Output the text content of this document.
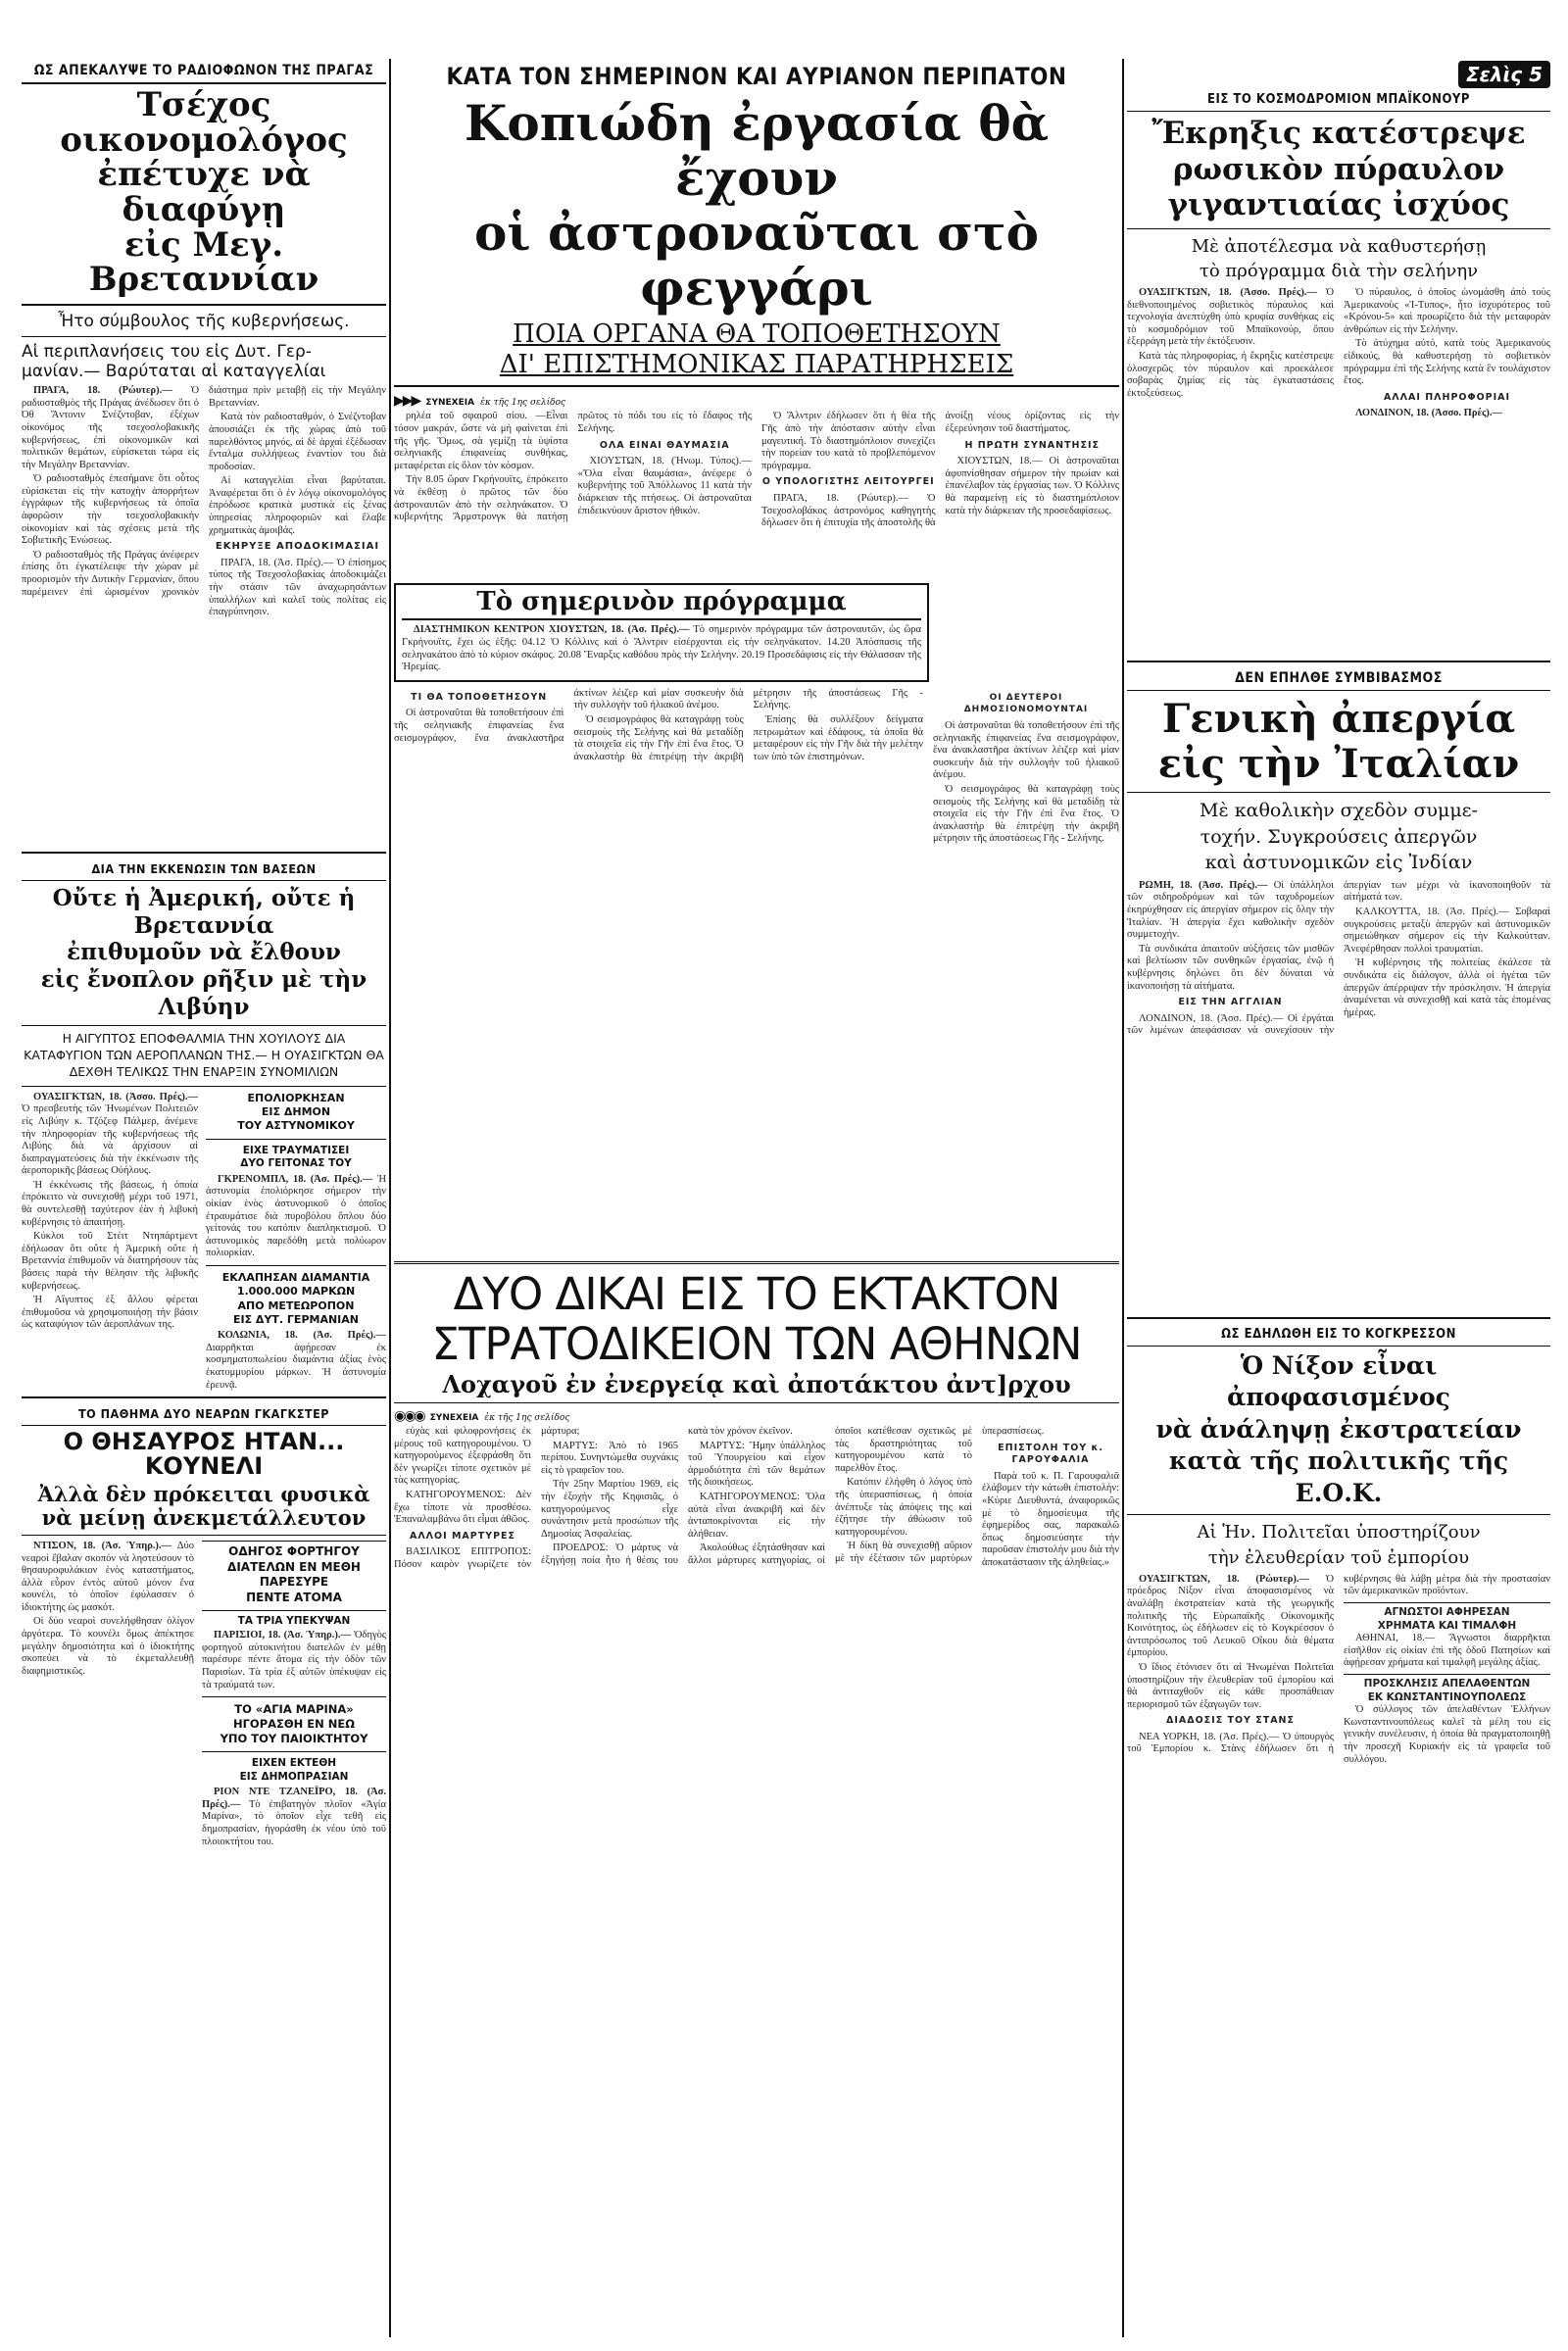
ΩΣ ΑΠΕΚΑΛΥΨΕ ΤΟ ΡΑΔΙΟΦΩΝΟΝ ΤΗΣ ΠΡΑΓΑΣ
Τσέχος οικονομολόγος
ἐπέτυχε νὰ διαφύγῃ
εἰς Μεγ. Βρεταννίαν
Ἦτο σύμβουλος τῆς κυβερνήσεως.
Αἱ περιπλανήσεις του εἰς Δυτ. Γερ-
μανίαν.— Βαρύταται αἱ καταγγελίαι

ΠΡΑΓΑ, 18. (Ρώυτερ).— Ὁ ραδιοσταθμὸς τῆς Πράγας ἀνέδωσεν ὅτι ὁ Όθ Ἄντονιν Σνέζντοβαν, ἐξέχων οἰκονόμος τῆς τσεχοσλοβακικῆς κυβερνήσεως, ἐπὶ οἰκονομικῶν καὶ πολιτικῶν θεμάτων, εὑρίσκεται τώρα εἰς τὴν Μεγάλην Βρεταννίαν.

Ὁ ραδιοσταθμὸς ἐπεσήμανε ὅτι οὗτος εὑρίσκεται εἰς τὴν κατοχὴν ἀπορρήτων ἐγγράφων τῆς κυβερνήσεως τὰ ὁποῖα ἀφορῶσιν τὴν τσεχοσλοβακικὴν οἰκονομίαν καὶ τὰς σχέσεις μετὰ τῆς Σοβιετικῆς Ἑνώσεως.

Ὁ ραδιοσταθμὸς τῆς Πράγας ἀνέφερεν ἐπίσης ὅτι ἐγκατέλειψε τὴν χώραν μὲ προορισμὸν τὴν Δυτικὴν Γερμανίαν, ὅπου παρέμεινεν ἐπὶ ὡρισμένον χρονικὸν διάστημα πρὶν μεταβῇ εἰς τὴν Μεγάλην Βρεταννίαν.

Κατὰ τὸν ραδιοσταθμόν, ὁ Σνέζντοβαν ἀπουσιάζει ἐκ τῆς χώρας ἀπὸ τοῦ παρελθόντος μηνός, αἱ δὲ ἀρχαὶ ἐξέδωσαν ἔνταλμα συλλήψεως ἐναντίον του διὰ προδοσίαν.

Αἱ καταγγελίαι εἶναι βαρύταται. Ἀναφέρεται ὅτι ὁ ἐν λόγῳ οἰκονομολόγος ἐπρόδωσε κρατικὰ μυστικὰ εἰς ξένας ὑπηρεσίας πληροφοριῶν καὶ ἔλαβε χρηματικὰς ἀμοιβάς.

ΕΚΗΡΥΞΕ ΑΠΟΔΟΚΙΜΑΣΙΑΙ

ΠΡΑΓΑ, 18. (Ἀσ. Πρές).— Ὁ ἐπίσημος τύπος τῆς Τσεχοσλοβακίας ἀποδοκιμάζει τὴν στάσιν τῶν ἀναχωρησάντων ὑπαλλήλων καὶ καλεῖ τοὺς πολίτας εἰς ἐπαγρύπνησιν.

ΔΙΑ ΤΗΝ ΕΚΚΕΝΩΣΙΝ ΤΩΝ ΒΑΣΕΩΝ
Οὔτε ἡ Ἀμερική, οὔτε ἡ Βρεταννία
ἐπιθυμοῦν νὰ ἔλθουν
εἰς ἔνοπλον ρῆξιν μὲ τὴν Λιβύην
Η ΑΙΓΥΠΤΟΣ ΕΠΟΦΘΑΛΜΙΑ ΤΗΝ ΧΟΥΙΛΟΥΣ ΔΙΑ ΚΑΤΑΦΥΓΙΟΝ ΤΩΝ ΑΕΡΟΠΛΑΝΩΝ ΤΗΣ.— Η ΟΥΑΣΙΓΚΤΩΝ ΘΑ ΔΕΧΘΗ ΤΕΛΙΚΩΣ ΤΗΝ ΕΝΑΡΞΙΝ ΣΥΝΟΜΙΛΙΩΝ

ΟΥΑΣΙΓΚΤΩΝ, 18. (Ἀσσο. Πρές).— Ὁ πρεσβευτὴς τῶν Ἡνωμένων Πολιτειῶν εἰς Λιβύην κ. Τζόζεφ Πάλμερ, ἀνέμενε τὴν πληροφορίαν τῆς κυβερνήσεως τῆς Λιβύης διὰ νὰ ἀρχίσουν αἱ διαπραγματεύσεις διὰ τὴν ἐκκένωσιν τῆς ἀεροπορικῆς βάσεως Οὐήλους.

Ἡ ἐκκένωσις τῆς βάσεως, ἡ ὁποία ἐπρόκειτο νὰ συνεχισθῇ μέχρι τοῦ 1971, θὰ συντελεσθῇ ταχύτερον ἐὰν ἡ λιβυκὴ κυβέρνησις τὸ ἀπαιτήσῃ.

Κύκλοι τοῦ Στέιτ Ντηπάρτμεντ ἐδήλωσαν ὅτι οὔτε ἡ Ἀμερικὴ οὔτε ἡ Βρεταννία ἐπιθυμοῦν νὰ διατηρήσουν τὰς βάσεις παρὰ τὴν θέλησιν τῆς λιβυκῆς κυβερνήσεως.

Ἡ Αἴγυπτος ἐξ ἄλλου φέρεται ἐπιθυμοῦσα νὰ χρησιμοποιήσῃ τὴν βάσιν ὡς καταφύγιον τῶν ἀεροπλάνων της.

ΕΠΟΛΙΟΡΚΗΣΑΝ
ΕΙΣ ΔΗΜΟΝ
ΤΟΥ ΑΣΤΥΝΟΜΙΚΟΥ
ΕΙΧΕ ΤΡΑΥΜΑΤΙΣΕΙ
ΔΥΟ ΓΕΙΤΟΝΑΣ ΤΟΥ

ΓΚΡΕΝΟΜΠΛ, 18. (Ἀσ. Πρές).— Ἡ ἀστυνομία ἐπολιόρκησε σήμερον τὴν οἰκίαν ἑνὸς ἀστυνομικοῦ ὁ ὁποῖος ἐτραυμάτισε διὰ πυροβόλου ὅπλου δύο γείτονάς του κατόπιν διαπληκτισμοῦ. Ὁ ἀστυνομικὸς παρεδόθη μετὰ πολύωρον πολιορκίαν.

ΕΚΛΑΠΗΣΑΝ ΔΙΑΜΑΝΤΙΑ
1.000.000 ΜΑΡΚΩΝ
ΑΠΟ ΜΕΤΕΩΡΟΠΟΝ
ΕΙΣ ΔΥΤ. ΓΕΡΜΑΝΙΑΝ

ΚΟΛΩΝΙΑ, 18. (Ἀσ. Πρές).— Διαρρῆκται ἀφῄρεσαν ἐκ κοσμηματοπωλείου διαμάντια ἀξίας ἑνὸς ἑκατομμυρίου μάρκων. Ἡ ἀστυνομία ἐρευνᾷ.

ΤΟ ΠΑΘΗΜΑ ΔΥΟ ΝΕΑΡΩΝ ΓΚΑΓΚΣΤΕΡ
Ο ΘΗΣΑΥΡΟΣ ΗΤΑΝ... ΚΟΥΝΕΛΙ
Ἀλλὰ δὲν πρόκειται φυσικὰ
νὰ μείνῃ ἀνεκμετάλλευτον

ΝΤΙΣΟΝ, 18. (Ἀσ. Ὑπηρ.).— Δύο νεαροὶ ἔβαλαν σκοπόν νὰ ληστεύσουν τὸ θησαυροφυλάκιον ἑνὸς καταστήματος, ἀλλὰ εὗρον ἐντὸς αὐτοῦ μόνον ἕνα κουνέλι, τὸ ὁποῖον ἐφύλασσεν ὁ ἰδιοκτήτης ὡς μασκότ.

Οἱ δύο νεαροὶ συνελήφθησαν ὀλίγον ἀργότερα. Τὸ κουνέλι ὅμως ἀπέκτησε μεγάλην δημοσιότητα καὶ ὁ ἰδιοκτήτης σκοπεύει νὰ τὸ ἐκμεταλλευθῇ διαφημιστικῶς.

ΟΔΗΓΟΣ ΦΟΡΤΗΓΟΥ
ΔΙΑΤΕΛΩΝ ΕΝ ΜΕΘΗ
ΠΑΡΕΣΥΡΕ
ΠΕΝΤΕ ΑΤΟΜΑ
ΤΑ ΤΡΙΑ ΥΠΕΚΥΨΑΝ

ΠΑΡΙΣΙΟΙ, 18. (Ἀσ. Ὑπηρ.).— Ὁδηγὸς φορτηγοῦ αὐτοκινήτου διατελῶν ἐν μέθῃ παρέσυρε πέντε ἄτομα εἰς τὴν ὁδὸν τῶν Παρισίων. Τὰ τρία ἐξ αὐτῶν ὑπέκυψαν εἰς τὰ τραύματά των.

ΤΟ «ΑΓΙΑ ΜΑΡΙΝΑ»
ΗΓΟΡΑΣΘΗ ΕΝ ΝΕΩ
ΥΠΟ ΤΟΥ ΠΑΙΟΙΚΤΗΤΟΥ
ΕΙΧΕΝ ΕΚΤΕΘΗ
ΕΙΣ ΔΗΜΟΠΡΑΣΙΑΝ

ΡΙΟΝ ΝΤΕ ΤΖΑΝΕΪΡΟ, 18. (Ἀσ. Πρές).— Τὸ ἐπιβατηγὸν πλοῖον «Ἁγία Μαρίνα», τὸ ὁποῖον εἶχε τεθῆ εἰς δημοπρασίαν, ἠγοράσθη ἐκ νέου ὑπὸ τοῦ πλοιοκτήτου του.

ΚΑΤΑ ΤΟΝ ΣΗΜΕΡΙΝΟΝ ΚΑΙ ΑΥΡΙΑΝΟΝ ΠΕΡΙΠΑΤΟΝ
Κοπιώδη ἐργασία θὰ ἔχουν
οἱ ἀστροναῦται στὸ φεγγάρι
ΠΟΙΑ ΟΡΓΑΝΑ ΘΑ ΤΟΠΟΘΕΤΗΣΟΥΝ
ΔΙ' ΕΠΙΣΤΗΜΟΝΙΚΑΣ ΠΑΡΑΤΗΡΗΣΕΙΣ
▶▶▶ ΣΥΝΕΧΕΙΑ ἐκ τῆς 1ης σελίδος

ρηλέα τοῦ σφαιροῦ σίου. —Εἶναι τόσον μακράν, ὥστε νὰ μὴ φαίνεται ἐπὶ τῆς γῆς. Ὅμως, σὰ γεμίζῃ τὰ ὑψίστα σεληνιακῆς ἐπιφανείας συνθήκας, μεταφέρεται εἰς ὅλον τὸν κόσμον.

Τὴν 8.05 ὥραν Γκρήνουϊτς, ἐπρόκειτο νὰ ἐκθέσῃ ὁ πρῶτος τῶν δύο ἀστροναυτῶν ἀπὸ τὴν σεληνάκατον. Ὁ κυβερνήτης Ἄρμστρονγκ θὰ πατήσῃ πρῶτος τὸ πόδι του εἰς τὸ ἔδαφος τῆς Σελήνης.

ΟΛΑ ΕΙΝΑΙ ΘΑΥΜΑΣΙΑ

ΧΙΟΥΣΤΩΝ, 18. (Ἡνωμ. Τύπος).— «Ὅλα εἶναι θαυμάσια», ἀνέφερε ὁ κυβερνήτης τοῦ Ἀπόλλωνος 11 κατὰ τὴν διάρκειαν τῆς πτήσεως. Οἱ ἀστροναῦται ἐπιδεικνύουν ἄριστον ἠθικόν.

Ὁ Ἄλντριν ἐδήλωσεν ὅτι ἡ θέα τῆς Γῆς ἀπὸ τὴν ἀπόστασιν αὐτὴν εἶναι μαγευτική. Τὸ διαστημόπλοιον συνεχίζει τὴν πορείαν του κατὰ τὸ προβλεπόμενον πρόγραμμα.

Ο ΥΠΟΛΟΓΙΣΤΗΣ ΛΕΙΤΟΥΡΓΕΙ

ΠΡΑΓΑ, 18. (Ρώυτερ).— Ὁ Τσεχοσλοβάκος ἀστρονόμος καθηγητὴς δήλωσεν ὅτι ἡ ἐπιτυχία τῆς ἀποστολῆς θὰ ἀνοίξῃ νέους ὁρίζοντας εἰς τὴν ἐξερεύνησιν τοῦ διαστήματος.

Η ΠΡΩΤΗ ΣΥΝΑΝΤΗΣΙΣ

ΧΙΟΥΣΤΩΝ, 18.— Οἱ ἀστροναῦται ἀφυπνίσθησαν σήμερον τὴν πρωίαν καὶ ἐπανέλαβον τὰς ἐργασίας των. Ὁ Κόλλινς θὰ παραμείνῃ εἰς τὸ διαστημόπλοιον κατὰ τὴν διάρκειαν τῆς προσεδαφίσεως.

Τὸ σημερινὸν πρόγραμμα

ΔΙΑΣΤΗΜΙΚΟΝ ΚΕΝΤΡΟΝ ΧΙΟΥΣΤΩΝ, 18. (Ἀσ. Πρές).— Τὸ σημερινὸν πρόγραμμα τῶν ἀστροναυτῶν, ὡς ὥρα Γκρήνουϊτς, ἔχει ὡς ἑξῆς: 04.12 Ὁ Κόλλινς καὶ ὁ Ἄλντριν εἰσέρχονται εἰς τὴν σεληνάκατον. 14.20 Ἀπόσπασις τῆς σεληνακάτου ἀπὸ τὸ κύριον σκάφος. 20.08 Ἔναρξις καθόδου πρὸς τὴν Σελήνην. 20.19 Προσεδάφισις εἰς τὴν Θάλασσαν τῆς Ἠρεμίας.

ΤΙ ΘΑ ΤΟΠΟΘΕΤΗΣΟΥΝ

Οἱ ἀστροναῦται θὰ τοποθετήσουν ἐπὶ τῆς σεληνιακῆς ἐπιφανείας ἕνα σεισμογράφον, ἕνα ἀνακλαστῆρα ἀκτίνων λέιζερ καὶ μίαν συσκευὴν διὰ τὴν συλλογὴν τοῦ ἡλιακοῦ ἀνέμου.

Ὁ σεισμογράφος θὰ καταγράφῃ τοὺς σεισμοὺς τῆς Σελήνης καὶ θὰ μεταδίδῃ τὰ στοιχεῖα εἰς τὴν Γῆν ἐπὶ ἕνα ἔτος. Ὁ ἀνακλαστὴρ θὰ ἐπιτρέψῃ τὴν ἀκριβῆ μέτρησιν τῆς ἀποστάσεως Γῆς - Σελήνης.

Ἐπίσης θὰ συλλέξουν δείγματα πετρωμάτων καὶ ἐδάφους, τὰ ὁποῖα θὰ μεταφέρουν εἰς τὴν Γῆν διὰ τὴν μελέτην των ὑπὸ τῶν ἐπιστημόνων.

ΟΙ ΔΕΥΤΕΡΟΙ ΔΗΜΟΣΙΟΝΟΜΟΥΝΤΑΙ

Οἱ ἀστροναῦται θὰ τοποθετήσουν ἐπὶ τῆς σεληνιακῆς ἐπιφανείας ἕνα σεισμογράφον, ἕνα ἀνακλαστῆρα ἀκτίνων λέιζερ καὶ μίαν συσκευὴν διὰ τὴν συλλογὴν τοῦ ἡλιακοῦ ἀνέμου.

Ὁ σεισμογράφος θὰ καταγράφῃ τοὺς σεισμοὺς τῆς Σελήνης καὶ θὰ μεταδίδῃ τὰ στοιχεῖα εἰς τὴν Γῆν ἐπὶ ἕνα ἔτος. Ὁ ἀνακλαστὴρ θὰ ἐπιτρέψῃ τὴν ἀκριβῆ μέτρησιν τῆς ἀποστάσεως Γῆς - Σελήνης.

ΔΥΟ ΔΙΚΑΙ ΕΙΣ ΤΟ ΕΚΤΑΚΤΟΝ
ΣΤΡΑΤΟΔΙΚΕΙΟΝ ΤΩΝ ΑΘΗΝΩΝ
Λοχαγοῦ ἐν ἐνεργείᾳ καὶ ἀποτάκτου ἀντ]ρχου
◉◉◉ ΣΥΝΕΧΕΙΑ ἐκ τῆς 1ης σελίδος

εὐχὰς καὶ φιλοφρονήσεις ἐκ μέρους τοῦ κατηγορουμένου. Ὁ κατηγορούμενος ἐξεφράσθη ὅτι δὲν γνωρίζει τίποτε σχετικὸν μὲ τὰς κατηγορίας.

ΚΑΤΗΓΟΡΟΥΜΕΝΟΣ: Δὲν ἔχω τίποτε νὰ προσθέσω. Ἐπαναλαμβάνω ὅτι εἶμαι ἀθῶος.

ΑΛΛΟΙ ΜΑΡΤΥΡΕΣ

ΒΑΣΙΛΙΚΟΣ ΕΠΙΤΡΟΠΟΣ: Πόσον καιρὸν γνωρίζετε τὸν μάρτυρα;

ΜΑΡΤΥΣ: Ἀπὸ τὸ 1965 περίπου. Συνηντώμεθα συχνάκις εἰς τὸ γραφεῖον του.

Τὴν 25ην Μαρτίου 1969, εἰς τὴν ἐξοχὴν τῆς Κηφισιᾶς, ὁ κατηγορούμενος εἶχε συνάντησιν μετὰ προσώπων τῆς Δημοσίας Ἀσφαλείας.

ΠΡΟΕΔΡΟΣ: Ὁ μάρτυς νὰ ἐξηγήσῃ ποία ἦτο ἡ θέσις του κατὰ τὸν χρόνον ἐκεῖνον.

ΜΑΡΤΥΣ: Ἤμην ὑπάλληλος τοῦ Ὑπουργείου καὶ εἶχον ἁρμοδιότητα ἐπὶ τῶν θεμάτων τῆς διοικήσεως.

ΚΑΤΗΓΟΡΟΥΜΕΝΟΣ: Ὅλα αὐτὰ εἶναι ἀνακριβῆ καὶ δὲν ἀνταποκρίνονται εἰς τὴν ἀλήθειαν.

Ἀκολούθως ἐξητάσθησαν καὶ ἄλλοι μάρτυρες κατηγορίας, οἱ ὁποῖοι κατέθεσαν σχετικῶς μὲ τὰς δραστηριότητας τοῦ κατηγορουμένου κατὰ τὸ παρελθὸν ἔτος.

Κατόπιν ἐλήφθη ὁ λόγος ὑπὸ τῆς ὑπερασπίσεως, ἡ ὁποία ἀνέπτυξε τὰς ἀπόψεις της καὶ ἐζήτησε τὴν ἀθώωσιν τοῦ κατηγορουμένου.

Ἡ δίκη θὰ συνεχισθῇ αὔριον μὲ τὴν ἐξέτασιν τῶν μαρτύρων ὑπερασπίσεως.

ΕΠΙΣΤΟΛΗ ΤΟΥ κ. ΓΑΡΟΥΦΑΛΙΑ

Παρὰ τοῦ κ. Π. Γαρουφαλιᾶ ἐλάβομεν τὴν κάτωθι ἐπιστολήν: «Κύριε Διευθυντά, ἀναφορικῶς μὲ τὸ δημοσίευμα τῆς ἐφημερίδος σας, παρακαλῶ ὅπως δημοσιεύσητε τὴν παροῦσαν ἐπιστολήν μου διὰ τὴν ἀποκατάστασιν τῆς ἀληθείας.»

Σελὶς 5
ΕΙΣ ΤΟ ΚΟΣΜΟΔΡΟΜΙΟΝ ΜΠΑΪΚΟΝΟΥΡ
Ἔκρηξις κατέστρεψε
ρωσικὸν πύραυλον
γιγαντιαίας ἰσχύος
Μὲ ἀποτέλεσμα νὰ καθυστερήσῃ
τὸ πρόγραμμα διὰ τὴν σελήνην

ΟΥΑΣΙΓΚΤΩΝ, 18. (Ἀσσο. Πρές).— Ὁ διεθνοποιημένος σοβιετικὸς πύραυλος καὶ τεχνολογία ἀνεπτύχθη ὑπὸ κρυφία συνθήκας εἰς τὸ κοσμοδρόμιον τοῦ Μπαϊκονούρ, ὅπου ἐξερράγη μετὰ τὴν ἐκτόξευσιν.

Κατὰ τὰς πληροφορίας, ἡ ἔκρηξις κατέστρεψε ὁλοσχερῶς τὸν πύραυλον καὶ προεκάλεσε σοβαρὰς ζημίας εἰς τὰς ἐγκαταστάσεις ἐκτοξεύσεως.

Ὁ πύραυλος, ὁ ὁποῖος ὠνομάσθη ἀπὸ τοὺς Ἀμερικανοὺς «Ἰ-Τυπος», ἦτο ἰσχυρότερος τοῦ «Κρόνου-5» καὶ προωρίζετο διὰ τὴν μεταφορὰν ἀνθρώπων εἰς τὴν Σελήνην.

Τὸ ἀτύχημα αὐτό, κατὰ τοὺς Ἀμερικανοὺς εἰδικούς, θὰ καθυστερήσῃ τὸ σοβιετικὸν πρόγραμμα ἐπὶ τῆς Σελήνης κατὰ ἓν τουλάχιστον ἔτος.

ΑΛΛΑΙ ΠΛΗΡΟΦΟΡΙΑΙ

ΛΟΝΔΙΝΟΝ, 18. (Ἀσσο. Πρές).—

ΔΕΝ ΕΠΗΛΘΕ ΣΥΜΒΙΒΑΣΜΟΣ
Γενικὴ ἀπεργία
εἰς τὴν Ἰταλίαν
Μὲ καθολικὴν σχεδὸν συμμε-
τοχήν. Συγκρούσεις ἀπεργῶν
καὶ ἀστυνομικῶν εἰς Ἰνδίαν

ΡΩΜΗ, 18. (Ἀσσ. Πρές).— Οἱ ὑπάλληλοι τῶν σιδηροδρόμων καὶ τῶν ταχυδρομείων ἐκηρύχθησαν εἰς ἀπεργίαν σήμερον εἰς ὅλην τὴν Ἰταλίαν. Ἡ ἀπεργία ἔχει καθολικὴν σχεδὸν συμμετοχήν.

Τὰ συνδικάτα ἀπαιτοῦν αὐξήσεις τῶν μισθῶν καὶ βελτίωσιν τῶν συνθηκῶν ἐργασίας, ἐνῷ ἡ κυβέρνησις δηλώνει ὅτι δὲν δύναται νὰ ἱκανοποιήσῃ τὰ αἰτήματα.

ΕΙΣ ΤΗΝ ΑΓΓΛΙΑΝ

ΛΟΝΔΙΝΟΝ, 18. (Ἀσσ. Πρές).— Οἱ ἐργάται τῶν λιμένων ἀπεφάσισαν νὰ συνεχίσουν τὴν ἀπεργίαν των μέχρι νὰ ἱκανοποιηθοῦν τὰ αἰτήματά των.

ΚΑΛΚΟΥΤΤΑ, 18. (Ἀσ. Πρές).— Σοβαραὶ συγκρούσεις μεταξὺ ἀπεργῶν καὶ ἀστυνομικῶν σημειώθηκαν σήμερον εἰς τὴν Καλκούτταν. Ἀνεφέρθησαν πολλοὶ τραυματίαι.

Ἡ κυβέρνησις τῆς πολιτείας ἐκάλεσε τὰ συνδικάτα εἰς διάλογον, ἀλλὰ οἱ ἡγέται τῶν ἀπεργῶν ἀπέρριψαν τὴν πρόσκλησιν. Ἡ ἀπεργία ἀναμένεται νὰ συνεχισθῇ καὶ κατὰ τὰς ἑπομένας ἡμέρας.

ΩΣ ΕΔΗΛΩΘΗ ΕΙΣ ΤΟ ΚΟΓΚΡΕΣΣΟΝ
Ὁ Νίξον εἶναι ἀποφασισμένος
νὰ ἀνάληψῃ ἐκστρατείαν
κατὰ τῆς πολιτικῆς τῆς Ε.Ο.Κ.
Αἱ Ἡν. Πολιτεῖαι ὑποστηρίζουν
τὴν ἐλευθερίαν τοῦ ἐμπορίου

ΟΥΑΣΙΓΚΤΩΝ, 18. (Ρώυτερ).— Ὁ πρόεδρος Νίξον εἶναι ἀποφασισμένος νὰ ἀναλάβῃ ἐκστρατείαν κατὰ τῆς γεωργικῆς πολιτικῆς τῆς Εὐρωπαϊκῆς Οἰκονομικῆς Κοινότητος, ὡς ἐδήλωσεν εἰς τὸ Κογκρέσσον ὁ ἀντιπρόσωπος τοῦ Λευκοῦ Οἴκου διὰ θέματα ἐμπορίου.

Ὁ ἴδιος ἐτόνισεν ὅτι αἱ Ἡνωμέναι Πολιτεῖαι ὑποστηρίζουν τὴν ἐλευθερίαν τοῦ ἐμπορίου καὶ θὰ ἀντιταχθοῦν εἰς κάθε προσπάθειαν περιορισμοῦ τῶν ἐξαγωγῶν των.

ΔΙΑΔΟΣΙΣ ΤΟΥ ΣΤΑΝΣ

ΝΕΑ ΥΟΡΚΗ, 18. (Ἀσ. Πρές).— Ὁ ὑπουργὸς τοῦ Ἐμπορίου κ. Στὰνς ἐδήλωσεν ὅτι ἡ κυβέρνησις θὰ λάβῃ μέτρα διὰ τὴν προστασίαν τῶν ἀμερικανικῶν προϊόντων.

ΑΓΝΩΣΤΟΙ ΑΦΗΡΕΣΑΝ
ΧΡΗΜΑΤΑ ΚΑΙ ΤΙΜΑΛΦΗ

ΑΘΗΝΑΙ, 18.— Ἄγνωστοι διαρρῆκται εἰσῆλθον εἰς οἰκίαν ἐπὶ τῆς ὁδοῦ Πατησίων καὶ ἀφῄρεσαν χρήματα καὶ τιμαλφῆ μεγάλης ἀξίας.

ΠΡΟΣΚΛΗΣΙΣ ΑΠΕΛΑΘΕΝΤΩΝ
ΕΚ ΚΩΝΣΤΑΝΤΙΝΟΥΠΟΛΕΩΣ

Ὁ σύλλογος τῶν ἀπελαθέντων Ἑλλήνων Κωνσταντινουπόλεως καλεῖ τὰ μέλη του εἰς γενικὴν συνέλευσιν, ἡ ὁποία θὰ πραγματοποιηθῇ τὴν προσεχῆ Κυριακήν εἰς τὰ γραφεῖα τοῦ συλλόγου.
